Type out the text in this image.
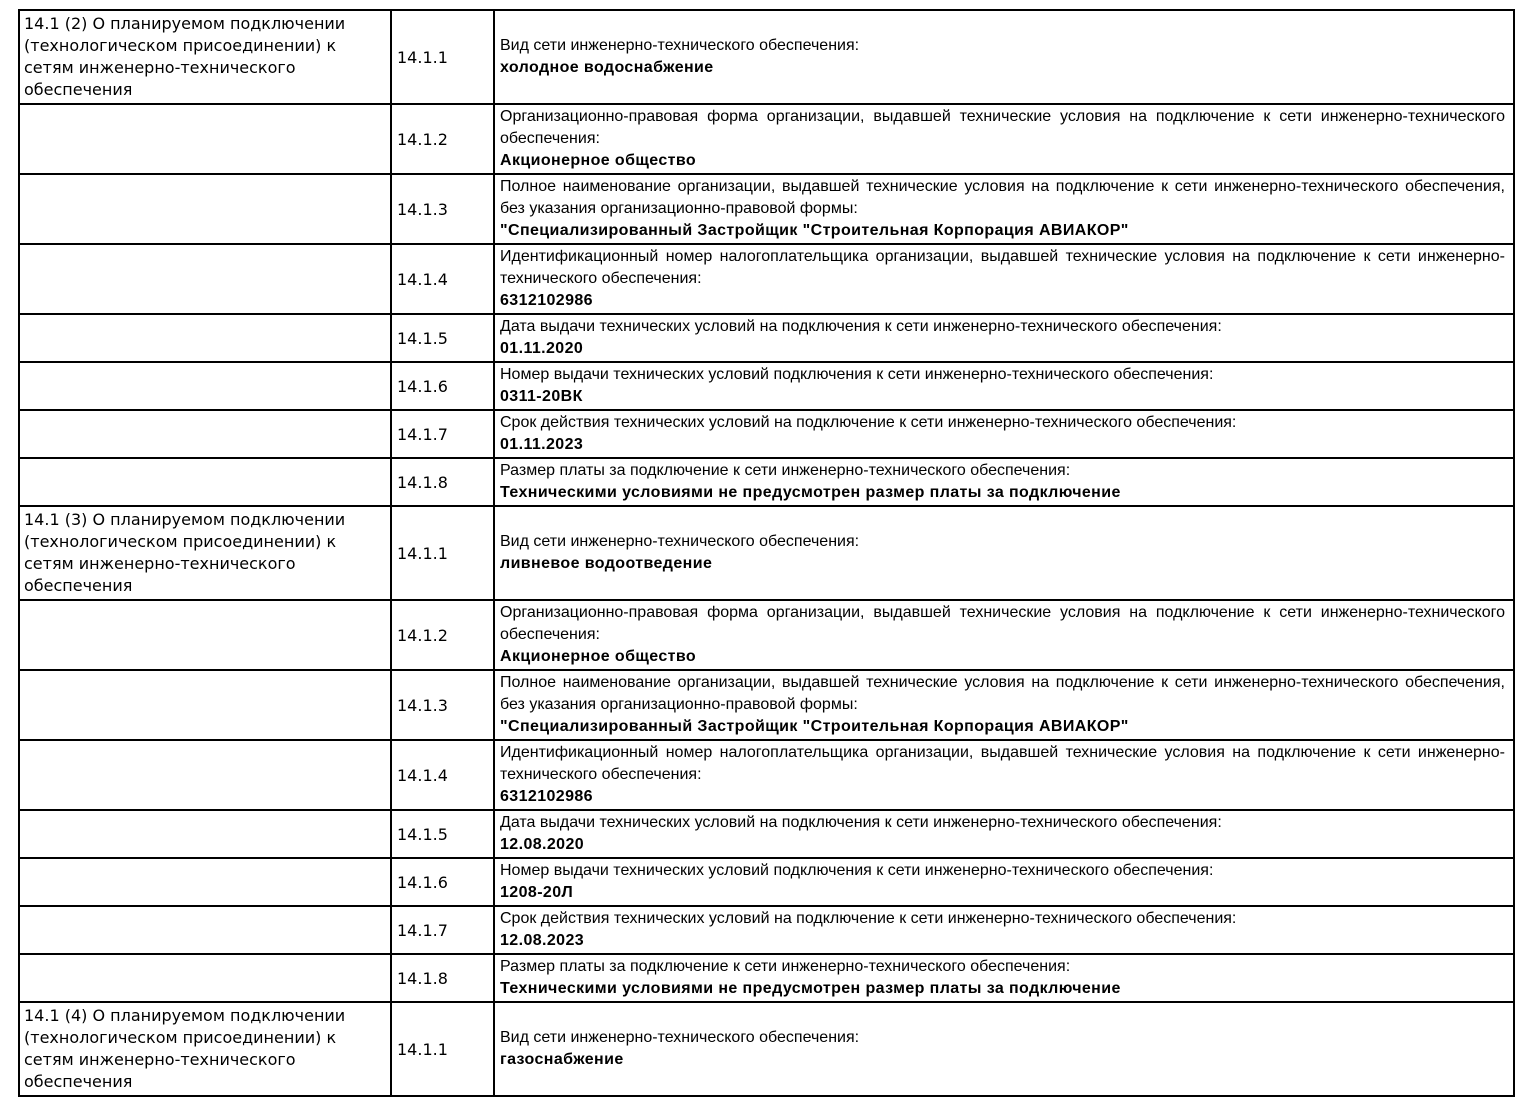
14.1 (2) О планируемом подключении (технологическом присоединении) к сетям инженерно-технического обеспечения	14.1.1	Вид сети инженерно-технического обеспечения:
холодное водоснабжение

	14.1.2	Организационно-правовая форма организации, выдавшей технические условия на подключение к сети инженерно-технического обеспечения:
Акционерное общество

	14.1.3	Полное наименование организации, выдавшей технические условия на подключение к сети инженерно-технического обеспечения, без указания организационно-правовой формы:
"Специализированный Застройщик "Строительная Корпорация АВИАКОР"

	14.1.4	Идентификационный номер налогоплательщика организации, выдавшей технические условия на подключение к сети инженерно-технического обеспечения:
6312102986

	14.1.5	Дата выдачи технических условий на подключения к сети инженерно-технического обеспечения:
01.11.2020

	14.1.6	Номер выдачи технических условий подключения к сети инженерно-технического обеспечения:
0311-20ВК

	14.1.7	Срок действия технических условий на подключение к сети инженерно-технического обеспечения:
01.11.2023

	14.1.8	Размер платы за подключение к сети инженерно-технического обеспечения:
Техническими условиями не предусмотрен размер платы за подключение

14.1 (3) О планируемом подключении (технологическом присоединении) к сетям инженерно-технического обеспечения	14.1.1	Вид сети инженерно-технического обеспечения:
ливневое водоотведение

	14.1.2	Организационно-правовая форма организации, выдавшей технические условия на подключение к сети инженерно-технического обеспечения:
Акционерное общество

	14.1.3	Полное наименование организации, выдавшей технические условия на подключение к сети инженерно-технического обеспечения, без указания организационно-правовой формы:
"Специализированный Застройщик "Строительная Корпорация АВИАКОР"

	14.1.4	Идентификационный номер налогоплательщика организации, выдавшей технические условия на подключение к сети инженерно-технического обеспечения:
6312102986

	14.1.5	Дата выдачи технических условий на подключения к сети инженерно-технического обеспечения:
12.08.2020

	14.1.6	Номер выдачи технических условий подключения к сети инженерно-технического обеспечения:
1208-20Л

	14.1.7	Срок действия технических условий на подключение к сети инженерно-технического обеспечения:
12.08.2023

	14.1.8	Размер платы за подключение к сети инженерно-технического обеспечения:
Техническими условиями не предусмотрен размер платы за подключение

14.1 (4) О планируемом подключении (технологическом присоединении) к сетям инженерно-технического обеспечения	14.1.1	Вид сети инженерно-технического обеспечения:
газоснабжение
